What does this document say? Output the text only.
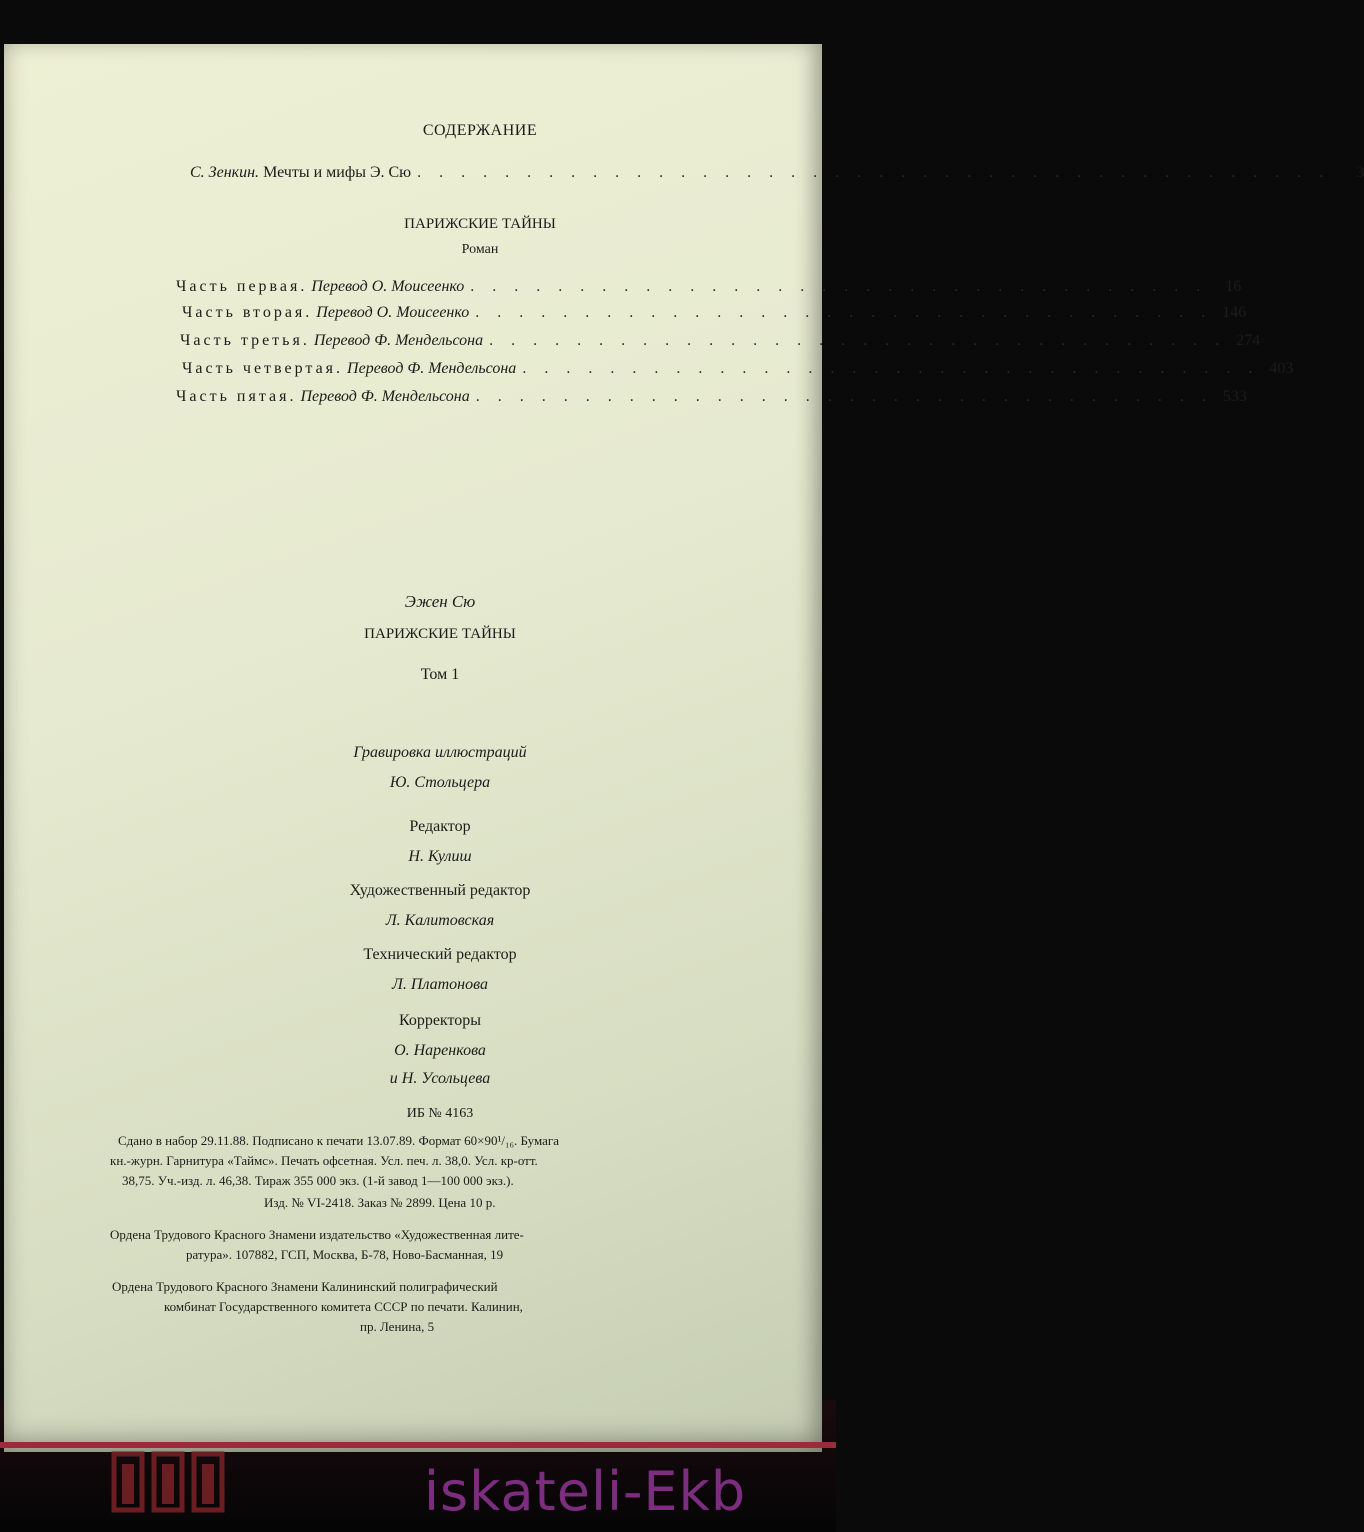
СОДЕРЖАНИЕ
С. Зенкин. Мечты и мифы Э. Сю . . . . . . . . . . . . . . . . . . . . . . . . . . . . . . . . . . . . . . . . . .	3
ПАРИЖСКИЕ ТАЙНЫ
Роман
Часть первая. Перевод О. Моисеенко . . . . . . . . . . . . . . . . . . . . . . . . . . . . . . . . . .	16
Часть вторая. Перевод О. Моисеенко . . . . . . . . . . . . . . . . . . . . . . . . . . . . . . . . . . 146
Часть третья. Перевод Ф. Мендельсона . . . . . . . . . . . . . . . . . . . . . . . . . . . . . . . . . . 274
Часть четвертая. Перевод Ф. Мендельсона . . . . . . . . . . . . . . . . . . . . . . . . . . . . . . . . . . 403
Часть пятая. Перевод Ф. Мендельсона . . . . . . . . . . . . . . . . . . . . . . . . . . . . . . . . . . 533
Эжен Сю
ПАРИЖСКИЕ ТАЙНЫ
Том 1
Гравировка иллюстраций
Ю. Стольцера
Редактор
Н. Кулиш
Художественный редактор
Л. Калитовская
Технический редактор
Л. Платонова
Корректоры
О. Наренкова
и Н. Усольцева
ИБ № 4163
Сдано в набор 29.11.88. Подписано к печати 13.07.89. Формат 60×90¹/₁₆. Бумага
кн.-журн. Гарнитура «Таймс». Печать офсетная. Усл. печ. л. 38,0. Усл. кр-отт.
38,75. Уч.-изд. л. 46,38. Тираж 355 000 экз. (1-й завод 1—100 000 экз.).
Изд. № VI-2418. Заказ № 2899. Цена 10 р.
Ордена Трудового Красного Знамени издательство «Художественная лите-
ратура». 107882, ГСП, Москва, Б-78, Ново-Басманная, 19
Ордена Трудового Красного Знамени Калининский полиграфический
комбинат Государственного комитета СССР по печати. Калинин,
пр. Ленина, 5
iskateli-Ekb
